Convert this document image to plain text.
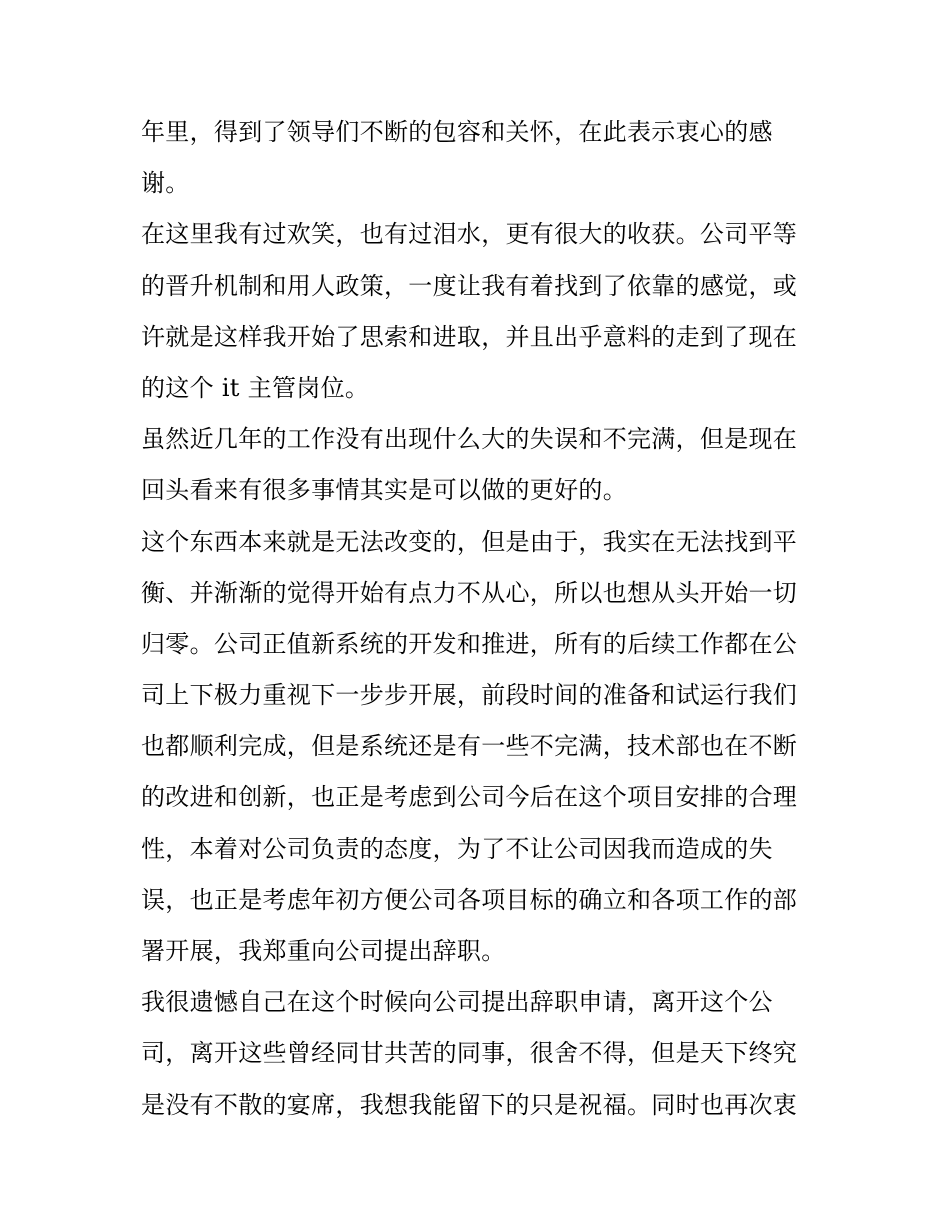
年里，得到了领导们不断的包容和关怀，在此表示衷心的感
谢。
在这里我有过欢笑，也有过泪水，更有很大的收获。公司平等
的晋升机制和用人政策，一度让我有着找到了依靠的感觉，或
许就是这样我开始了思索和进取，并且出乎意料的走到了现在
的这个 it 主管岗位。
虽然近几年的工作没有出现什么大的失误和不完满，但是现在
回头看来有很多事情其实是可以做的更好的。
这个东西本来就是无法改变的，但是由于，我实在无法找到平
衡、并渐渐的觉得开始有点力不从心，所以也想从头开始一切
归零。公司正值新系统的开发和推进，所有的后续工作都在公
司上下极力重视下一步步开展，前段时间的准备和试运行我们
也都顺利完成，但是系统还是有一些不完满，技术部也在不断
的改进和创新，也正是考虑到公司今后在这个项目安排的合理
性，本着对公司负责的态度，为了不让公司因我而造成的失
误，也正是考虑年初方便公司各项目标的确立和各项工作的部
署开展，我郑重向公司提出辞职。
我很遗憾自己在这个时候向公司提出辞职申请，离开这个公
司，离开这些曾经同甘共苦的同事，很舍不得，但是天下终究
是没有不散的宴席，我想我能留下的只是祝福。同时也再次衷
